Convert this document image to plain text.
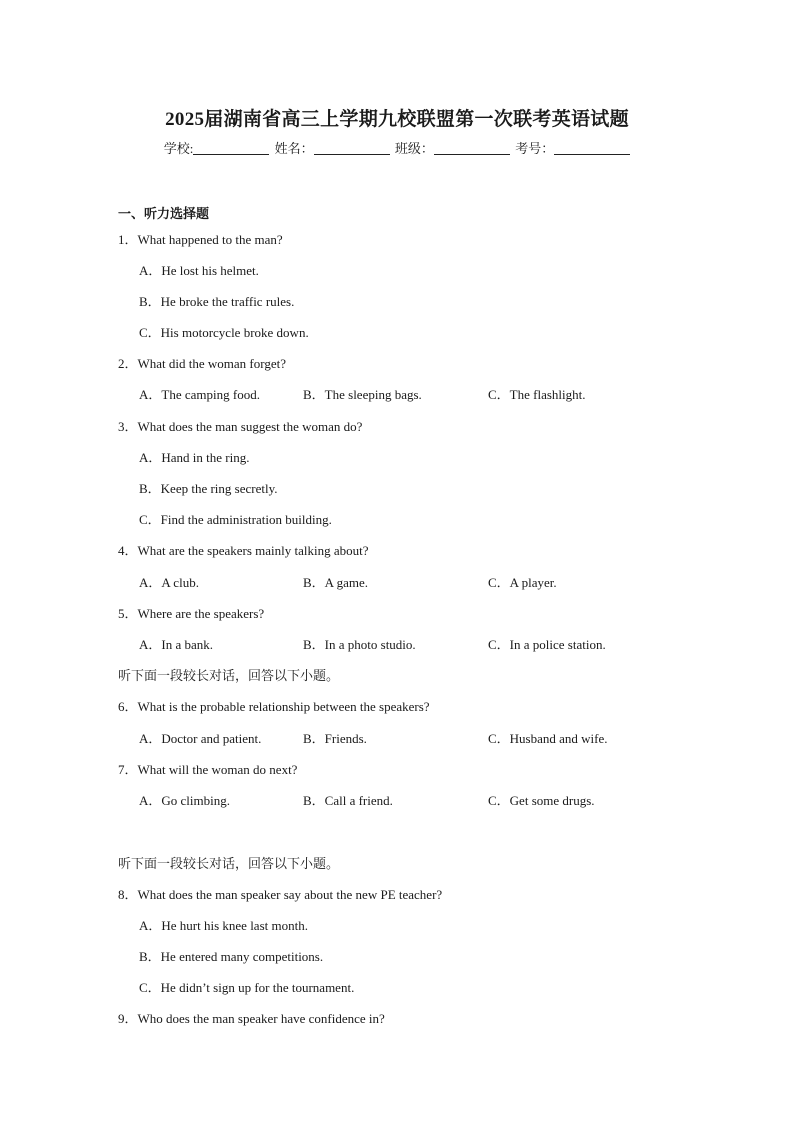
2025届湖南省高三上学期九校联盟第一次联考英语试题
学校:	姓名：	班级：	考号：
一、听力选择题
1．What happened to the man?
A．He lost his helmet.
B．He broke the traffic rules.
C．His motorcycle broke down.
2．What did the woman forget?
A．The camping food.	B．The sleeping bags.	C．The flashlight.
3．What does the man suggest the woman do?
A．Hand in the ring.
B．Keep the ring secretly.
C．Find the administration building.
4．What are the speakers mainly talking about?
A．A club.	B．A game.	C．A player.
5．Where are the speakers?
A．In a bank.	B．In a photo studio.	C．In a police station.
听下面一段较长对话，回答以下小题。
6．What is the probable relationship between the speakers?
A．Doctor and patient.	B．Friends.	C．Husband and wife.
7．What will the woman do next?
A．Go climbing.	B．Call a friend.	C．Get some drugs.
听下面一段较长对话，回答以下小题。
8．What does the man speaker say about the new PE teacher?
A．He hurt his knee last month.
B．He entered many competitions.
C．He didn’t sign up for the tournament.
9．Who does the man speaker have confidence in?
